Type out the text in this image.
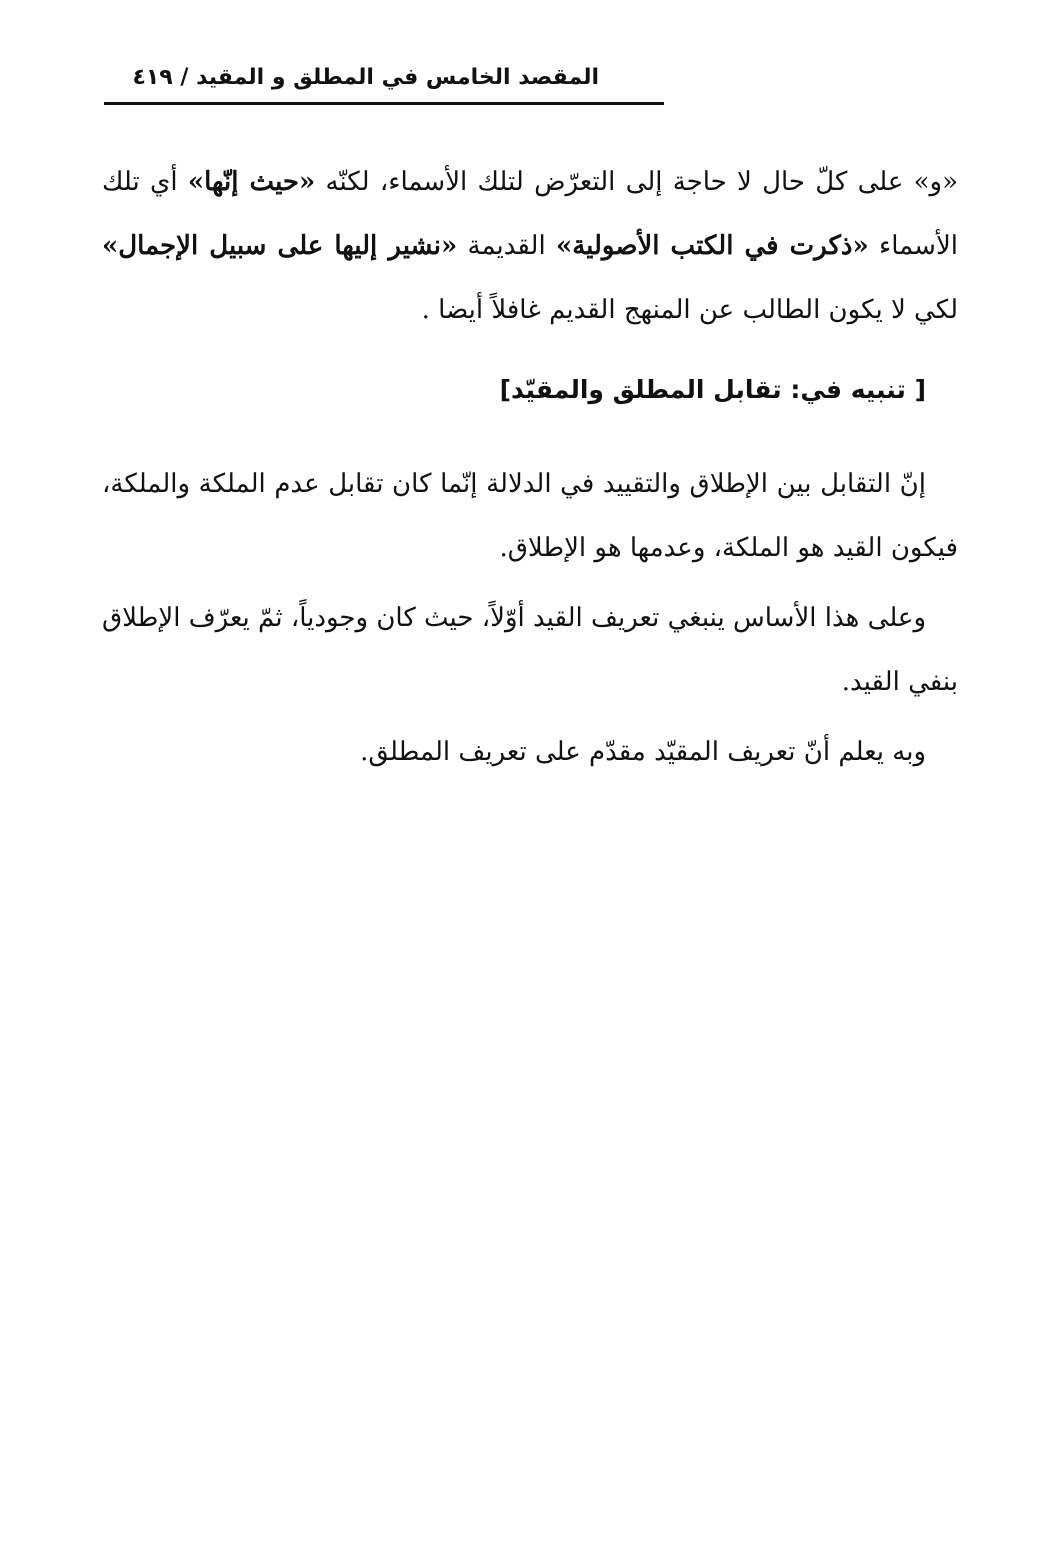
المقصد الخامس في المطلق و المقيد / ٤١٩

«و» على كلّ حال لا حاجة إلى التعرّض لتلك الأسماء، لكنّه «حيث إنّها» أي تلك الأسماء «ذكرت في الكتب الأصولية» القديمة «نشير إليها على سبيل الإجمال» لكي لا يكون الطالب عن المنهج القديم غافلاً أيضا .

[ تنبيه في: تقابل المطلق والمقيّد]

إنّ التقابل بين الإطلاق والتقييد في الدلالة إنّما كان تقابل عدم الملكة والملكة، فيكون القيد هو الملكة، وعدمها هو الإطلاق.

وعلى هذا الأساس ينبغي تعريف القيد أوّلاً، حيث كان وجودياً، ثمّ يعرّف الإطلاق بنفي القيد.

وبه يعلم أنّ تعريف المقيّد مقدّم على تعريف المطلق.
